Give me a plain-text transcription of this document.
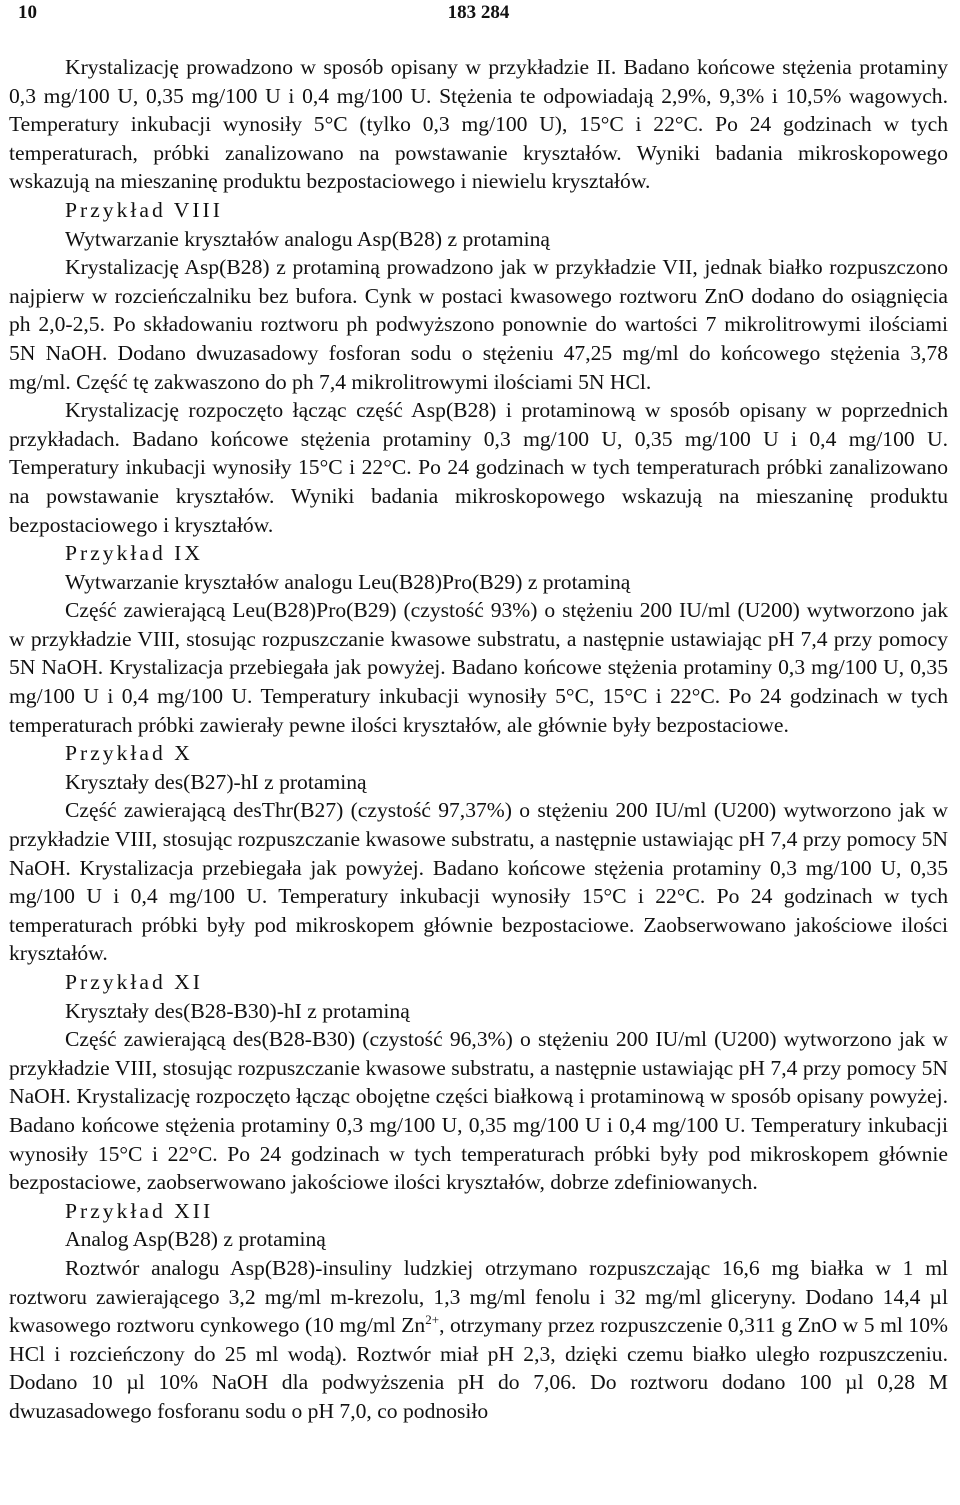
10	183 284

Krystalizację prowadzono w sposób opisany w przykładzie II. Badano końcowe stężenia protaminy 0,3 mg/100 U, 0,35 mg/100 U i 0,4 mg/100 U. Stężenia te odpowiadają 2,9%, 9,3% i 10,5% wagowych. Temperatury inkubacji wynosiły 5°C (tylko 0,3 mg/100 U), 15°C i 22°C. Po 24 godzinach w tych temperaturach, próbki zanalizowano na powstawanie kryształów. Wyniki badania mikroskopowego wskazują na mieszaninę produktu bezpostaciowego i niewielu kryształów.

Przykład VIII
Wytwarzanie kryształów analogu Asp(B28) z protaminą

Krystalizację Asp(B28) z protaminą prowadzono jak w przykładzie VII, jednak białko rozpuszczono najpierw w rozcieńczalniku bez bufora. Cynk w postaci kwasowego roztworu ZnO dodano do osiągnięcia ph 2,0-2,5. Po składowaniu roztworu ph podwyższono ponownie do wartości 7 mikrolitrowymi ilościami 5N NaOH. Dodano dwuzasadowy fosforan sodu o stężeniu 47,25 mg/ml do końcowego stężenia 3,78 mg/ml. Część tę zakwaszono do ph 7,4 mikrolitrowymi ilościami 5N HCl.

Krystalizację rozpoczęto łącząc część Asp(B28) i protaminową w sposób opisany w poprzednich przykładach. Badano końcowe stężenia protaminy 0,3 mg/100 U, 0,35 mg/100 U i 0,4 mg/100 U. Temperatury inkubacji wynosiły 15°C i 22°C. Po 24 godzinach w tych temperaturach próbki zanalizowano na powstawanie kryształów. Wyniki badania mikroskopowego wskazują na mieszaninę produktu bezpostaciowego i kryształów.

Przykład IX
Wytwarzanie kryształów analogu Leu(B28)Pro(B29) z protaminą

Część zawierającą Leu(B28)Pro(B29) (czystość 93%) o stężeniu 200 IU/ml (U200) wytworzono jak w przykładzie VIII, stosując rozpuszczanie kwasowe substratu, a następnie ustawiając pH 7,4 przy pomocy 5N NaOH. Krystalizacja przebiegała jak powyżej. Badano końcowe stężenia protaminy 0,3 mg/100 U, 0,35 mg/100 U i 0,4 mg/100 U. Temperatury inkubacji wynosiły 5°C, 15°C i 22°C. Po 24 godzinach w tych temperaturach próbki zawierały pewne ilości kryształów, ale głównie były bezpostaciowe.

Przykład X
Kryształy des(B27)-hI z protaminą

Część zawierającą desThr(B27) (czystość 97,37%) o stężeniu 200 IU/ml (U200) wytworzono jak w przykładzie VIII, stosując rozpuszczanie kwasowe substratu, a następnie ustawiając pH 7,4 przy pomocy 5N NaOH. Krystalizacja przebiegała jak powyżej. Badano końcowe stężenia protaminy 0,3 mg/100 U, 0,35 mg/100 U i 0,4 mg/100 U. Temperatury inkubacji wynosiły 15°C i 22°C. Po 24 godzinach w tych temperaturach próbki były pod mikroskopem głównie bezpostaciowe. Zaobserwowano jakościowe ilości kryształów.

Przykład XI
Kryształy des(B28-B30)-hI z protaminą

Część zawierającą des(B28-B30) (czystość 96,3%) o stężeniu 200 IU/ml (U200) wytworzono jak w przykładzie VIII, stosując rozpuszczanie kwasowe substratu, a następnie ustawiając pH 7,4 przy pomocy 5N NaOH. Krystalizację rozpoczęto łącząc obojętne części białkową i protaminową w sposób opisany powyżej. Badano końcowe stężenia protaminy 0,3 mg/100 U, 0,35 mg/100 U i 0,4 mg/100 U. Temperatury inkubacji wynosiły 15°C i 22°C. Po 24 godzinach w tych temperaturach próbki były pod mikroskopem głównie bezpostaciowe, zaobserwowano jakościowe ilości kryształów, dobrze zdefiniowanych.

Przykład XII
Analog Asp(B28) z protaminą

Roztwór analogu Asp(B28)-insuliny ludzkiej otrzymano rozpuszczając 16,6 mg białka w 1 ml roztworu zawierającego 3,2 mg/ml m-krezolu, 1,3 mg/ml fenolu i 32 mg/ml gliceryny. Dodano 14,4 µl kwasowego roztworu cynkowego (10 mg/ml $Zn^{2+}$, otrzymany przez rozpuszczenie 0,311 g ZnO w 5 ml 10% HCl i rozcieńczony do 25 ml wodą). Roztwór miał pH 2,3, dzięki czemu białko uległo rozpuszczeniu. Dodano 10 µl 10% NaOH dla podwyższenia pH do 7,06. Do roztworu dodano 100 µl 0,28 M dwuzasadowego fosforanu sodu o pH 7,0, co podnosiło
